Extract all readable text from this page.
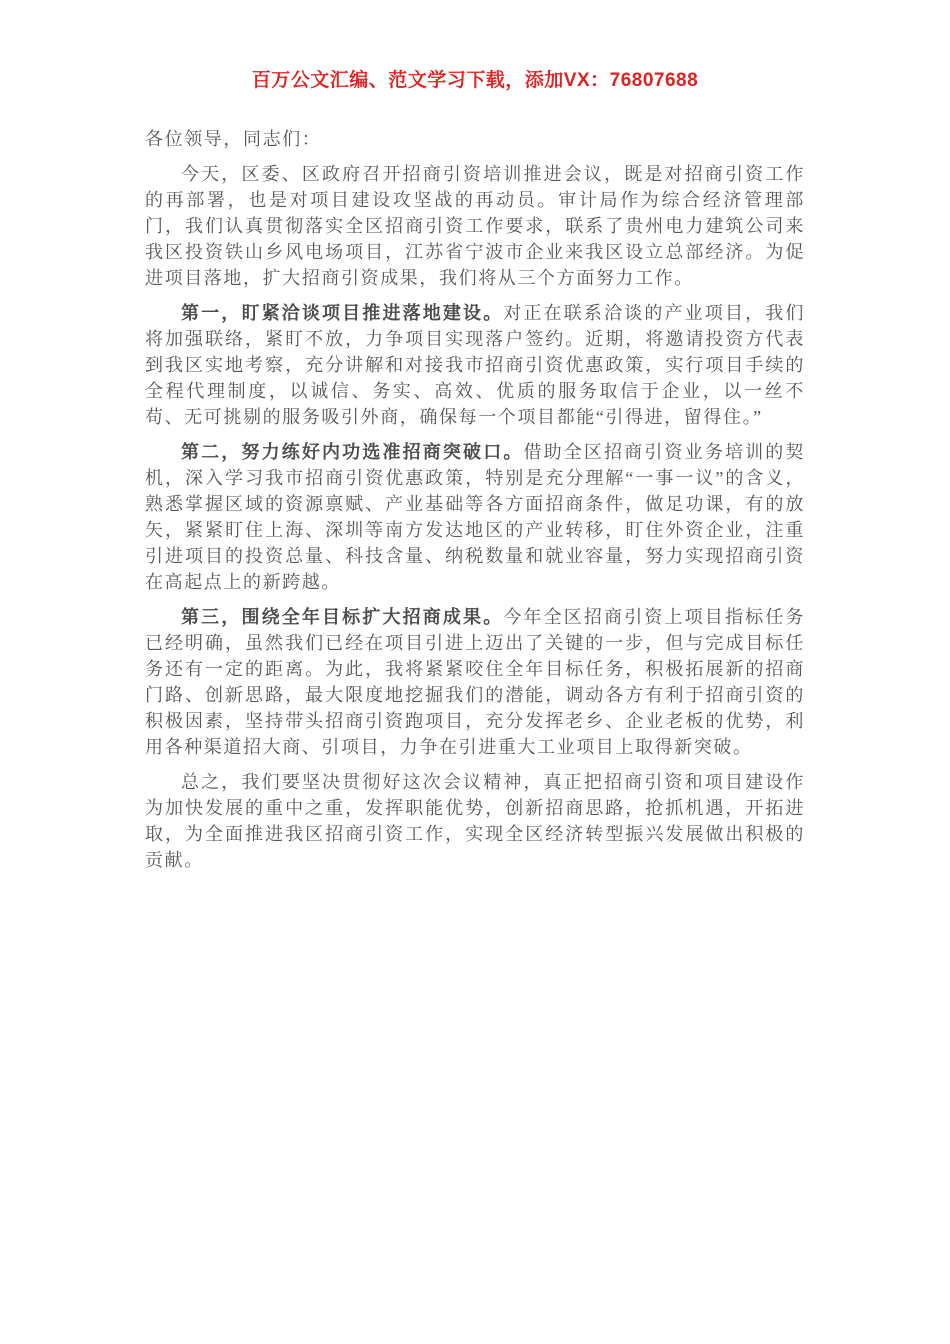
百万公文汇编、范文学习下载，添加VX：76807688
各位领导，同志们：

今天，区委、区政府召开招商引资培训推进会议，既是对招商引资工作的再部署，也是对项目建设攻坚战的再动员。审计局作为综合经济管理部门，我们认真贯彻落实全区招商引资工作要求，联系了贵州电力建筑公司来我区投资铁山乡风电场项目，江苏省宁波市企业来我区设立总部经济。为促进项目落地，扩大招商引资成果，我们将从三个方面努力工作。

第一，盯紧洽谈项目推进落地建设。对正在联系洽谈的产业项目，我们将加强联络，紧盯不放，力争项目实现落户签约。近期，将邀请投资方代表到我区实地考察，充分讲解和对接我市招商引资优惠政策，实行项目手续的全程代理制度，以诚信、务实、高效、优质的服务取信于企业，以一丝不苟、无可挑剔的服务吸引外商，确保每一个项目都能“引得进，留得住。”

第二，努力练好内功选准招商突破口。借助全区招商引资业务培训的契机，深入学习我市招商引资优惠政策，特别是充分理解“一事一议”的含义，熟悉掌握区域的资源禀赋、产业基础等各方面招商条件，做足功课，有的放矢，紧紧盯住上海、深圳等南方发达地区的产业转移，盯住外资企业，注重引进项目的投资总量、科技含量、纳税数量和就业容量，努力实现招商引资在高起点上的新跨越。

第三，围绕全年目标扩大招商成果。今年全区招商引资上项目指标任务已经明确，虽然我们已经在项目引进上迈出了关键的一步，但与完成目标任务还有一定的距离。为此，我将紧紧咬住全年目标任务，积极拓展新的招商门路、创新思路，最大限度地挖掘我们的潜能，调动各方有利于招商引资的积极因素，坚持带头招商引资跑项目，充分发挥老乡、企业老板的优势，利用各种渠道招大商、引项目，力争在引进重大工业项目上取得新突破。

总之，我们要坚决贯彻好这次会议精神，真正把招商引资和项目建设作为加快发展的重中之重，发挥职能优势，创新招商思路，抢抓机遇，开拓进取，为全面推进我区招商引资工作，实现全区经济转型振兴发展做出积极的贡献。
